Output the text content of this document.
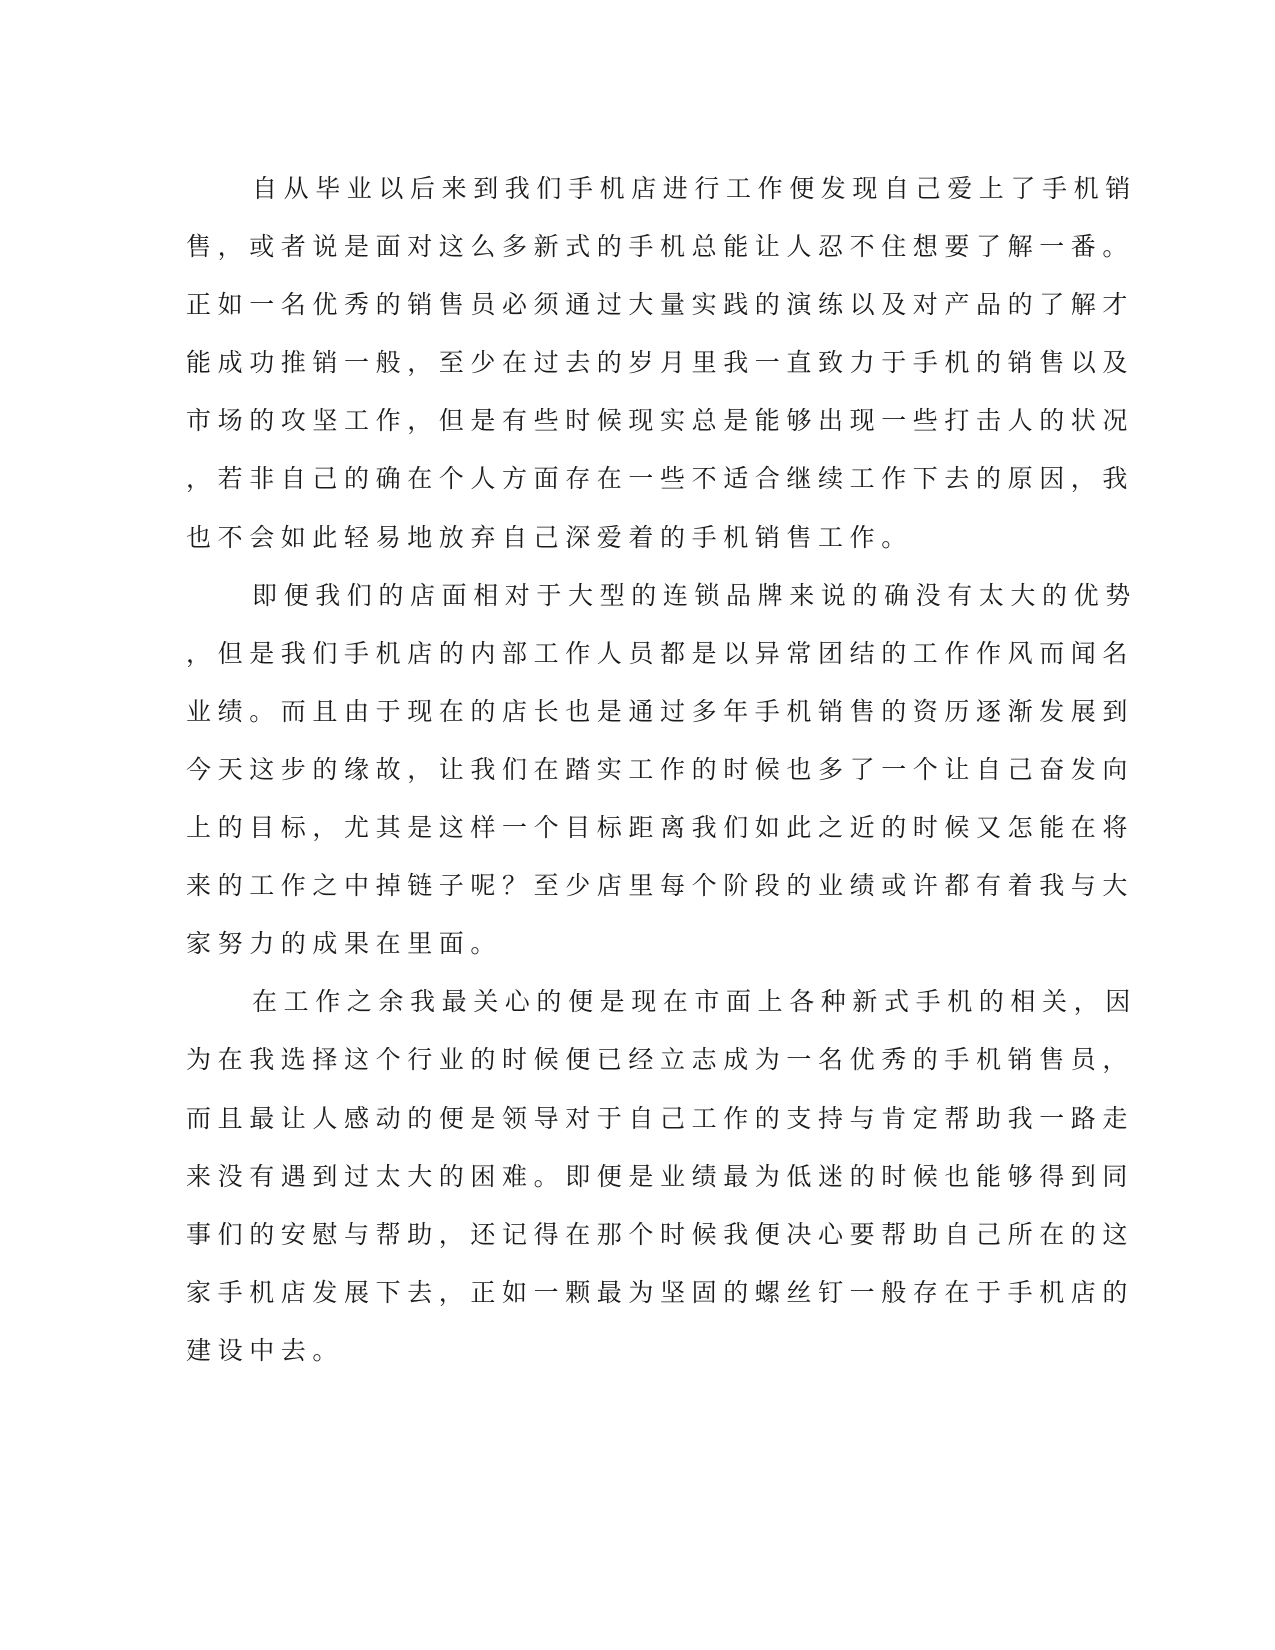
自从毕业以后来到我们手机店进行工作便发现自己爱上了手机销
售，或者说是面对这么多新式的手机总能让人忍不住想要了解一番。
正如一名优秀的销售员必须通过大量实践的演练以及对产品的了解才
能成功推销一般，至少在过去的岁月里我一直致力于手机的销售以及
市场的攻坚工作，但是有些时候现实总是能够出现一些打击人的状况
，若非自己的确在个人方面存在一些不适合继续工作下去的原因，我
也不会如此轻易地放弃自己深爱着的手机销售工作。
即便我们的店面相对于大型的连锁品牌来说的确没有太大的优势
，但是我们手机店的内部工作人员都是以异常团结的工作作风而闻名
业绩。而且由于现在的店长也是通过多年手机销售的资历逐渐发展到
今天这步的缘故，让我们在踏实工作的时候也多了一个让自己奋发向
上的目标，尤其是这样一个目标距离我们如此之近的时候又怎能在将
来的工作之中掉链子呢？至少店里每个阶段的业绩或许都有着我与大
家努力的成果在里面。
在工作之余我最关心的便是现在市面上各种新式手机的相关，因
为在我选择这个行业的时候便已经立志成为一名优秀的手机销售员，
而且最让人感动的便是领导对于自己工作的支持与肯定帮助我一路走
来没有遇到过太大的困难。即便是业绩最为低迷的时候也能够得到同
事们的安慰与帮助，还记得在那个时候我便决心要帮助自己所在的这
家手机店发展下去，正如一颗最为坚固的螺丝钉一般存在于手机店的
建设中去。
